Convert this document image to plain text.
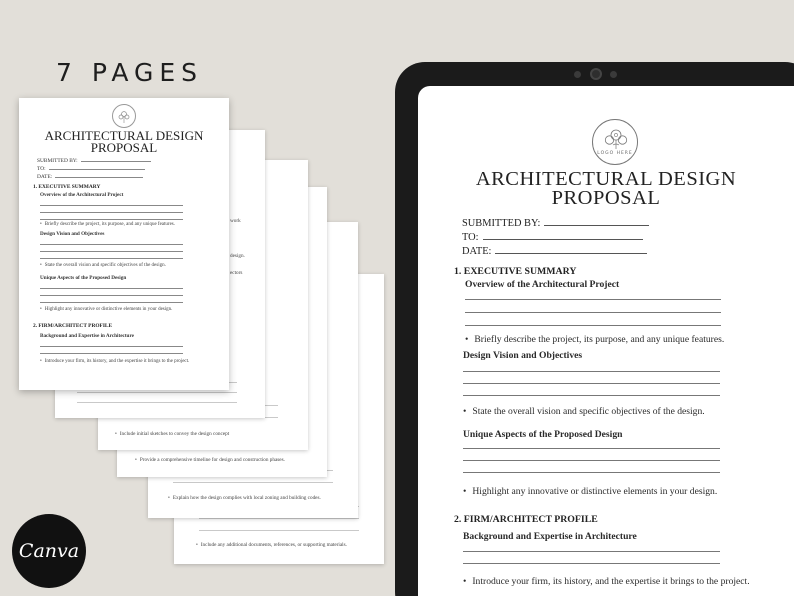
7 PAGES
• Include any additional documents, references, or supporting materials.
• Explain how the design complies with local zoning and building codes.
• Provide a comprehensive timeline for design and construction phases.
• Include initial sketches to convey the design concept
work
design.
ectors
ARCHITECTURAL DESIGN
PROPOSAL
SUBMITTED BY:
TO:
DATE:
1. EXECUTIVE SUMMARY
Overview of the Architectural Project
• Briefly describe the project, its purpose, and any unique features.
Design Vision and Objectives
• State the overall vision and specific objectives of the design.
Unique Aspects of the Proposed Design
• Highlight any innovative or distinctive elements in your design.
2. FIRM/ARCHITECT PROFILE
Background and Expertise in Architecture
• Introduce your firm, its history, and the expertise it brings to the project.
Canva
LOGO HERE
ARCHITECTURAL DESIGN
PROPOSAL
SUBMITTED BY:
TO:
DATE:
1. EXECUTIVE SUMMARY
Overview of the Architectural Project
• Briefly describe the project, its purpose, and any unique features.
Design Vision and Objectives
• State the overall vision and specific objectives of the design.
Unique Aspects of the Proposed Design
• Highlight any innovative or distinctive elements in your design.
2. FIRM/ARCHITECT PROFILE
Background and Expertise in Architecture
• Introduce your firm, its history, and the expertise it brings to the project.
